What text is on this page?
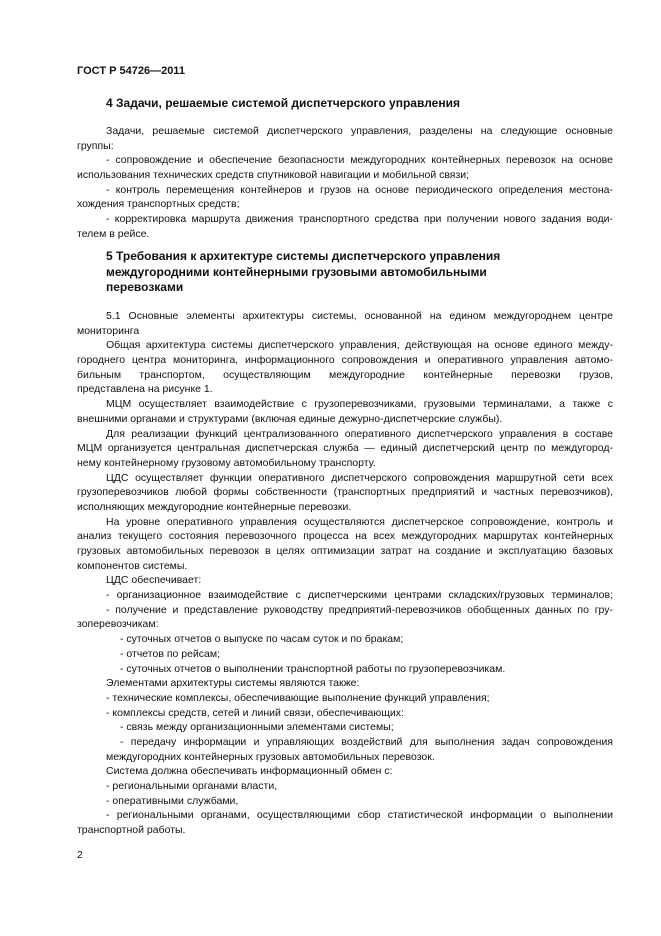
ГОСТ Р 54726—2011
4 Задачи, решаемые системой диспетчерского управления
Задачи, решаемые системой диспетчерского управления, разделены на следующие основные
группы:
- сопровождение и обеспечение безопасности междугородних контейнерных перевозок на основе
использования технических средств спутниковой навигации и мобильной связи;
- контроль перемещения контейнеров и грузов на основе периодического определения местона-
хождения транспортных средств;
- корректировка маршрута движения транспортного средства при получении нового задания води-
телем в рейсе.
5 Требования к архитектуре системы диспетчерского управления
междугородними контейнерными грузовыми автомобильными
перевозками
5.1 Основные элементы архитектуры системы, основанной на едином междугороднем центре
мониторинга
Общая архитектура системы диспетчерского управления, действующая на основе единого между-
городнего центра мониторинга, информационного сопровождения и оперативного управления автомо-
бильным транспортом, осуществляющим междугородние контейнерные перевозки грузов,
представлена на рисунке 1.
МЦМ осуществляет взаимодействие с грузоперевозчиками, грузовыми терминалами, а также с
внешними органами и структурами (включая единые дежурно-диспетчерские службы).
Для реализации функций централизованного оперативного диспетчерского управления в составе
МЦМ организуется центральная диспетчерская служба — единый диспетчерский центр по междугород-
нему контейнерному грузовому автомобильному транспорту.
ЦДС осуществляет функции оперативного диспетчерского сопровождения маршрутной сети всех
грузоперевозчиков любой формы собственности (транспортных предприятий и частных перевозчиков),
исполняющих междугородние контейнерные перевозки.
На уровне оперативного управления осуществляются диспетчерское сопровождение, контроль и
анализ текущего состояния перевозочного процесса на всех междугородних маршрутах контейнерных
грузовых автомобильных перевозок в целях оптимизации затрат на создание и эксплуатацию базовых
компонентов системы.
ЦДС обеспечивает:
- организационное взаимодействие с диспетчерскими центрами складских/грузовых терминалов;
- получение и представление руководству предприятий-перевозчиков обобщенных данных по гру-
зоперевозчикам:
- суточных отчетов о выпуске по часам суток и по бракам;
- отчетов по рейсам;
- суточных отчетов о выполнении транспортной работы по грузоперевозчикам.
Элементами архитектуры системы являются также:
- технические комплексы, обеспечивающие выполнение функций управления;
- комплексы средств, сетей и линий связи, обеспечивающих:
- связь между организационными элементами системы;
- передачу информации и управляющих воздействий для выполнения задач сопровождения
междугородних контейнерных грузовых автомобильных перевозок.
Система должна обеспечивать информационный обмен с:
- региональными органами власти,
- оперативными службами,
- региональными органами, осуществляющими сбор статистической информации о выполнении
транспортной работы.
2
